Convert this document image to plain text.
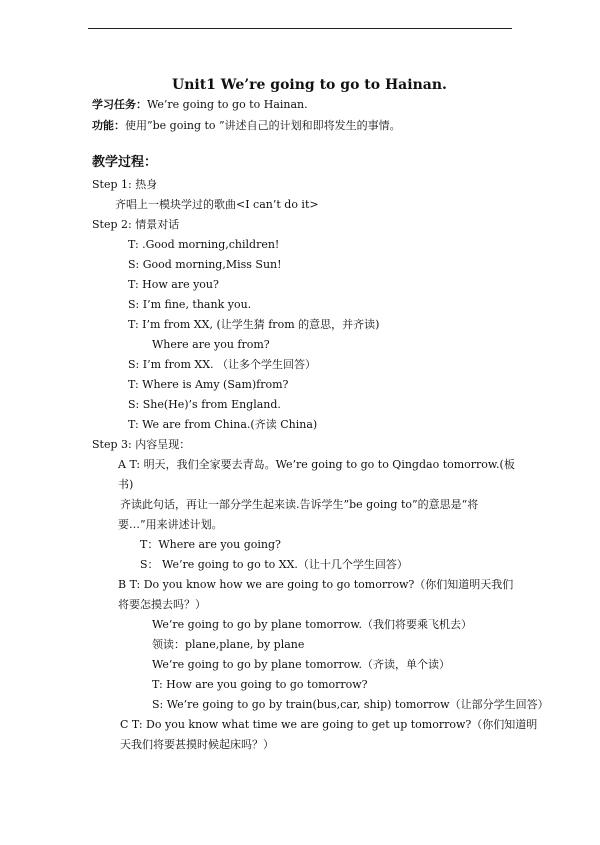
Unit1 We’re going to go to Hainan.
学习任务：We’re going to go to Hainan.
功能：使用”be going to ”讲述自己的计划和即将发生的事情。
教学过程：
Step 1: 热身
齐唱上一模块学过的歌曲<I can’t do it>
Step 2: 情景对话
T: .Good morning,children!
S: Good morning,Miss Sun!
T: How are you?
S: I’m fine, thank you.
T: I’m from XX, (让学生猜 from 的意思，并齐读)
Where are you from?
S: I’m from XX. （让多个学生回答）
T: Where is Amy (Sam)from?
S: She(He)’s from England.
T: We are from China.(齐读 China)
Step 3: 内容呈现：
A T: 明天，我们全家要去青岛。We’re going to go to Qingdao tomorrow.(板
书)
齐读此句话，再让一部分学生起来读.告诉学生”be going to”的意思是“将
要…”用来讲述计划。
T：Where are you going?
S： We’re going to go to XX.（让十几个学生回答）
B T: Do you know how we are going to go tomorrow?（你们知道明天我们
将要怎摸去吗？）
We’re going to go by plane tomorrow.（我们将要乘飞机去）
领读：plane,plane, by plane
We’re going to go by plane tomorrow.（齐读，单个读）
T: How are you going to go tomorrow?
S: We’re going to go by train(bus,car, ship) tomorrow（让部分学生回答）
C T: Do you know what time we are going to get up tomorrow?（你们知道明
天我们将要甚摸时候起床吗？）
